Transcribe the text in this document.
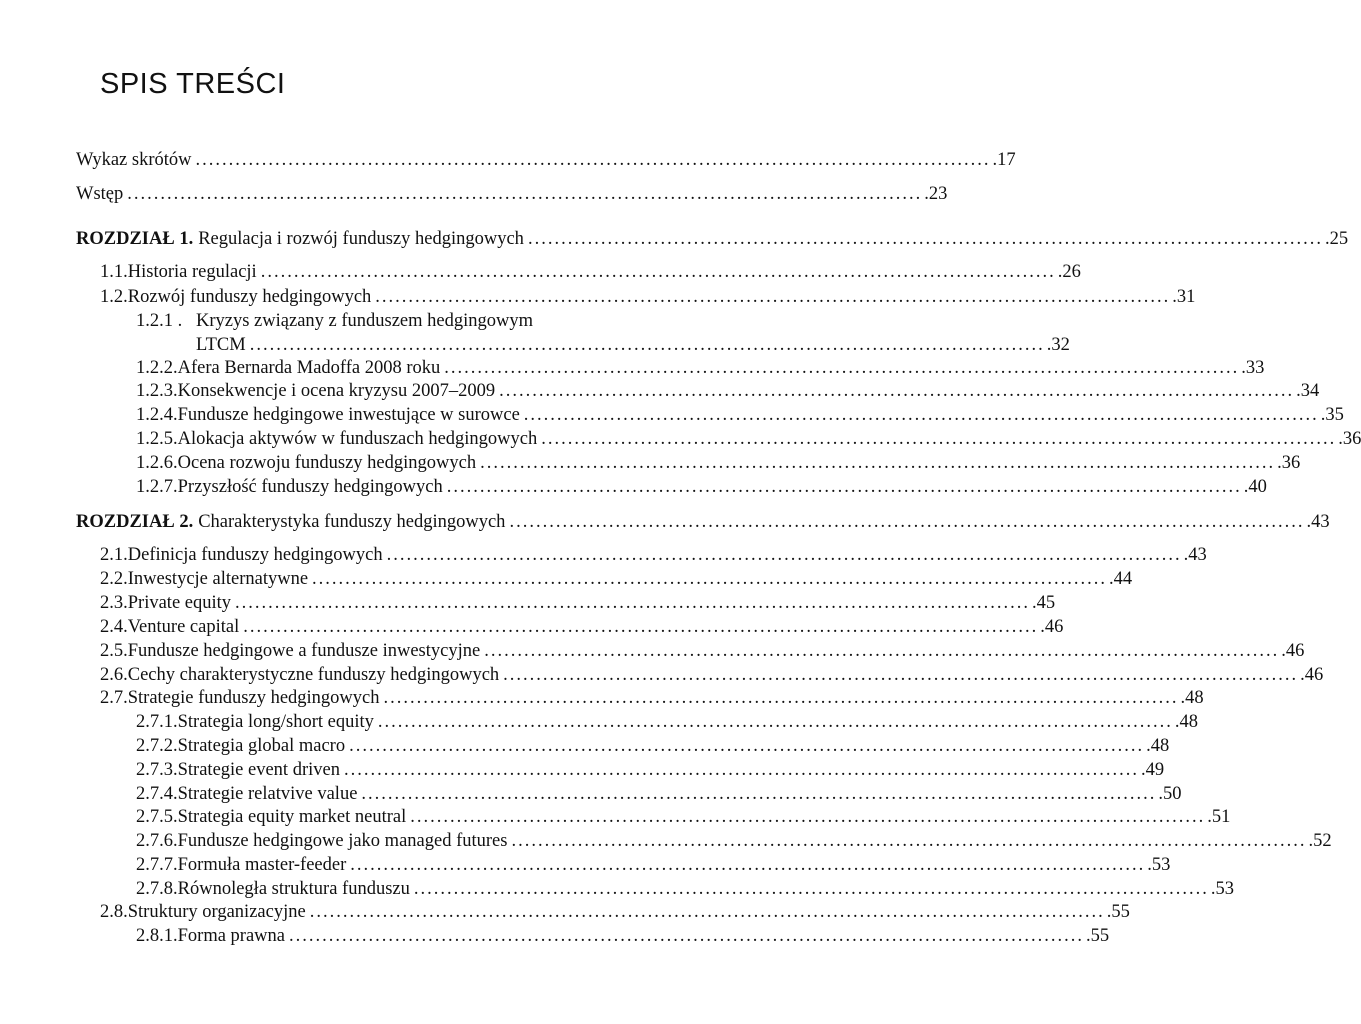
SPIS TREŚCI
Wykaz skrótów ........................................................................................................................ .17
Wstęp ........................................................................................................................ .23
ROZDZIAŁ 1. Regulacja i rozwój funduszy hedgingowych ........................................................................................................................ .25
1.1. Historia regulacji ........................................................................................................................ .26
1.2. Rozwój funduszy hedgingowych ........................................................................................................................ .31
1.2.1 . Kryzys związany z funduszem hedgingowym
LTCM ........................................................................................................................ .32
1.2.2. Afera Bernarda Madoffa 2008 roku ........................................................................................................................ .33
1.2.3. Konsekwencje i ocena kryzysu 2007–2009 ........................................................................................................................ .34
1.2.4. Fundusze hedgingowe inwestujące w surowce ........................................................................................................................ .35
1.2.5. Alokacja aktywów w funduszach hedgingowych ........................................................................................................................ .36
1.2.6. Ocena rozwoju funduszy hedgingowych ........................................................................................................................ .36
1.2.7. Przyszłość funduszy hedgingowych ........................................................................................................................ .40
ROZDZIAŁ 2. Charakterystyka funduszy hedgingowych ........................................................................................................................ .43
2.1. Definicja funduszy hedgingowych ........................................................................................................................ .43
2.2. Inwestycje alternatywne ........................................................................................................................ .44
2.3. Private equity ........................................................................................................................ .45
2.4. Venture capital ........................................................................................................................ .46
2.5. Fundusze hedgingowe a fundusze inwestycyjne ........................................................................................................................ .46
2.6. Cechy charakterystyczne funduszy hedgingowych ........................................................................................................................ .46
2.7. Strategie funduszy hedgingowych ........................................................................................................................ .48
2.7.1. Strategia long/short equity ........................................................................................................................ .48
2.7.2. Strategia global macro ........................................................................................................................ .48
2.7.3. Strategie event driven ........................................................................................................................ .49
2.7.4. Strategie relatvive value ........................................................................................................................ .50
2.7.5. Strategia equity market neutral ........................................................................................................................ .51
2.7.6. Fundusze hedgingowe jako managed futures ........................................................................................................................ .52
2.7.7. Formuła master-feeder ........................................................................................................................ .53
2.7.8. Równoległa struktura funduszu ........................................................................................................................ .53
2.8. Struktury organizacyjne ........................................................................................................................ .55
2.8.1. Forma prawna ........................................................................................................................ .55
